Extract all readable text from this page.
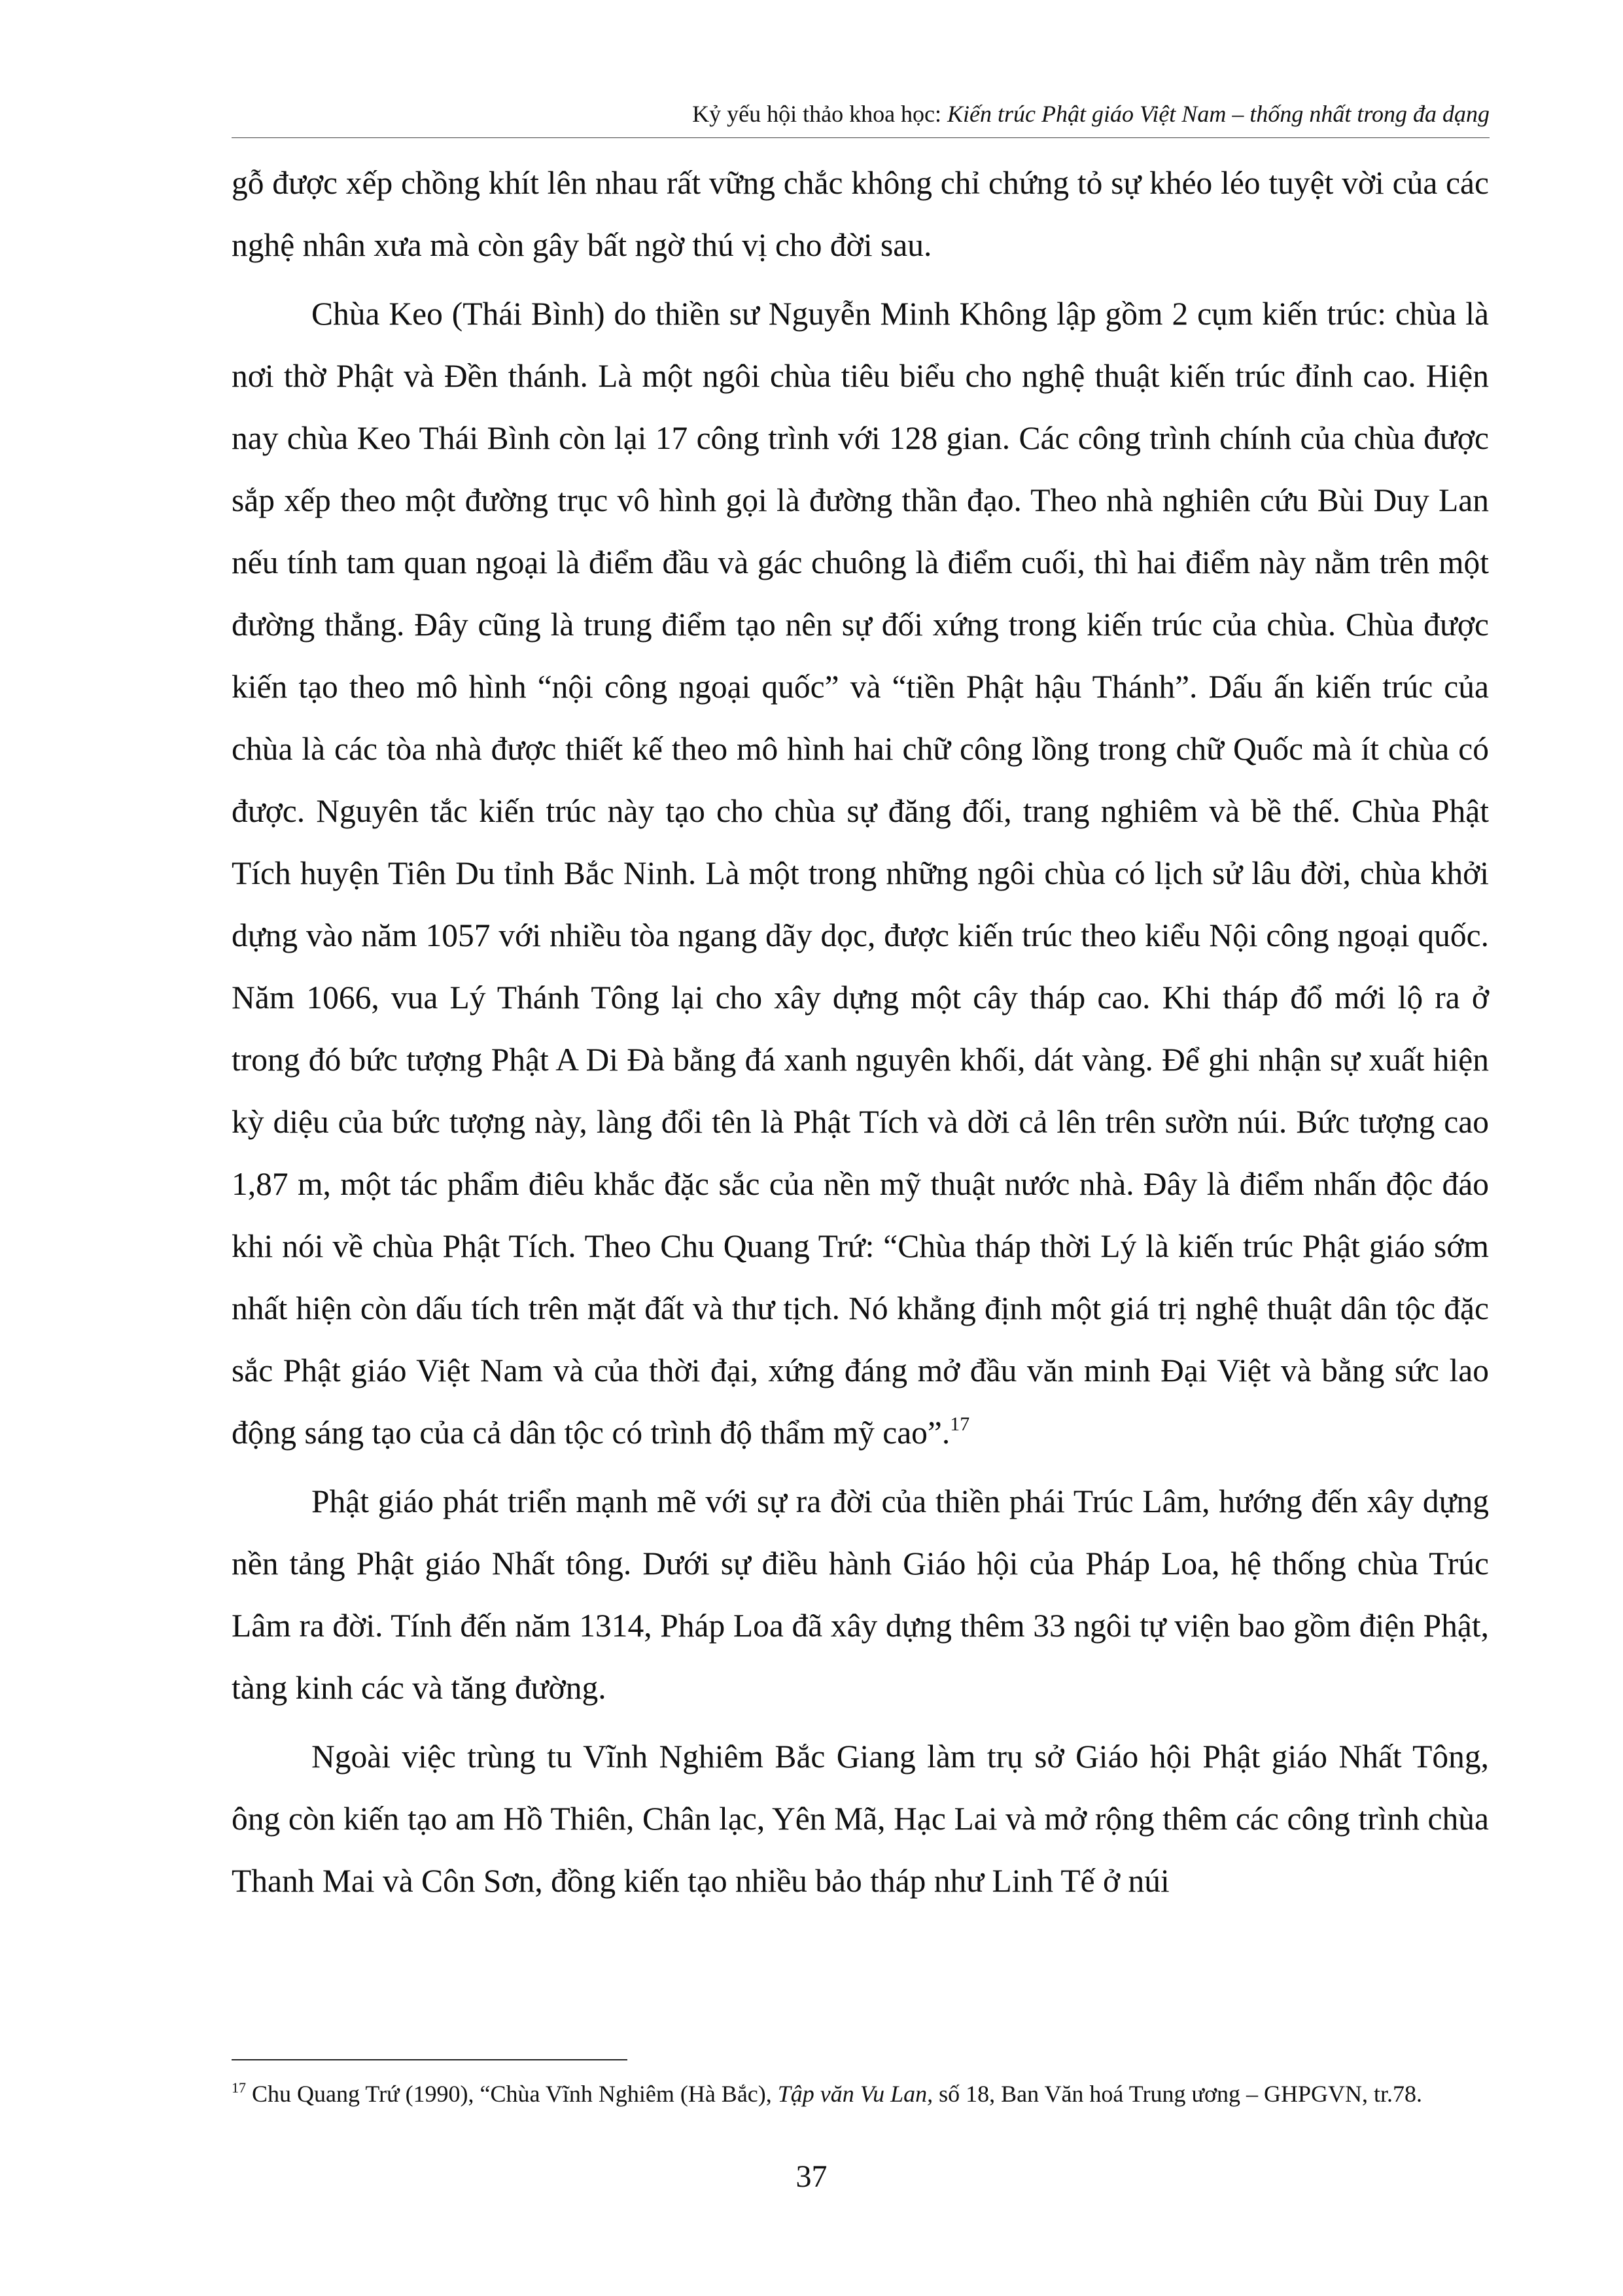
Kỷ yếu hội thảo khoa học: Kiến trúc Phật giáo Việt Nam – thống nhất trong đa dạng

gỗ được xếp chồng khít lên nhau rất vững chắc không chỉ chứng tỏ sự khéo léo tuyệt vời của các nghệ nhân xưa mà còn gây bất ngờ thú vị cho đời sau.

Chùa Keo (Thái Bình) do thiền sư Nguyễn Minh Không lập gồm 2 cụm kiến trúc: chùa là nơi thờ Phật và Đền thánh. Là một ngôi chùa tiêu biểu cho nghệ thuật kiến trúc đỉnh cao. Hiện nay chùa Keo Thái Bình còn lại 17 công trình với 128 gian. Các công trình chính của chùa được sắp xếp theo một đường trục vô hình gọi là đường thần đạo. Theo nhà nghiên cứu Bùi Duy Lan nếu tính tam quan ngoại là điểm đầu và gác chuông là điểm cuối, thì hai điểm này nằm trên một đường thẳng. Đây cũng là trung điểm tạo nên sự đối xứng trong kiến trúc của chùa. Chùa được kiến tạo theo mô hình “nội công ngoại quốc” và “tiền Phật hậu Thánh”. Dấu ấn kiến trúc của chùa là các tòa nhà được thiết kế theo mô hình hai chữ công lồng trong chữ Quốc mà ít chùa có được. Nguyên tắc kiến trúc này tạo cho chùa sự đăng đối, trang nghiêm và bề thế. Chùa Phật Tích huyện Tiên Du tỉnh Bắc Ninh. Là một trong những ngôi chùa có lịch sử lâu đời, chùa khởi dựng vào năm 1057 với nhiều tòa ngang dãy dọc, được kiến trúc theo kiểu Nội công ngoại quốc. Năm 1066, vua Lý Thánh Tông lại cho xây dựng một cây tháp cao. Khi tháp đổ mới lộ ra ở trong đó bức tượng Phật A Di Đà bằng đá xanh nguyên khối, dát vàng. Để ghi nhận sự xuất hiện kỳ diệu của bức tượng này, làng đổi tên là Phật Tích và dời cả lên trên sườn núi. Bức tượng cao 1,87 m, một tác phẩm điêu khắc đặc sắc của nền mỹ thuật nước nhà. Đây là điểm nhấn độc đáo khi nói về chùa Phật Tích. Theo Chu Quang Trứ: “Chùa tháp thời Lý là kiến trúc Phật giáo sớm nhất hiện còn dấu tích trên mặt đất và thư tịch. Nó khẳng định một giá trị nghệ thuật dân tộc đặc sắc Phật giáo Việt Nam và của thời đại, xứng đáng mở đầu văn minh Đại Việt và bằng sức lao động sáng tạo của cả dân tộc có trình độ thẩm mỹ cao”.$^{17}$

Phật giáo phát triển mạnh mẽ với sự ra đời của thiền phái Trúc Lâm, hướng đến xây dựng nền tảng Phật giáo Nhất tông. Dưới sự điều hành Giáo hội của Pháp Loa, hệ thống chùa Trúc Lâm ra đời. Tính đến năm 1314, Pháp Loa đã xây dựng thêm 33 ngôi tự viện bao gồm điện Phật, tàng kinh các và tăng đường.

Ngoài việc trùng tu Vĩnh Nghiêm Bắc Giang làm trụ sở Giáo hội Phật giáo Nhất Tông, ông còn kiến tạo am Hồ Thiên, Chân lạc, Yên Mã, Hạc Lai và mở rộng thêm các công trình chùa Thanh Mai và Côn Sơn, đồng kiến tạo nhiều bảo tháp như Linh Tế ở núi

$^{17}$ Chu Quang Trứ (1990), “Chùa Vĩnh Nghiêm (Hà Bắc), Tập văn Vu Lan, số 18, Ban Văn hoá Trung ương – GHPGVN, tr.78.
37
